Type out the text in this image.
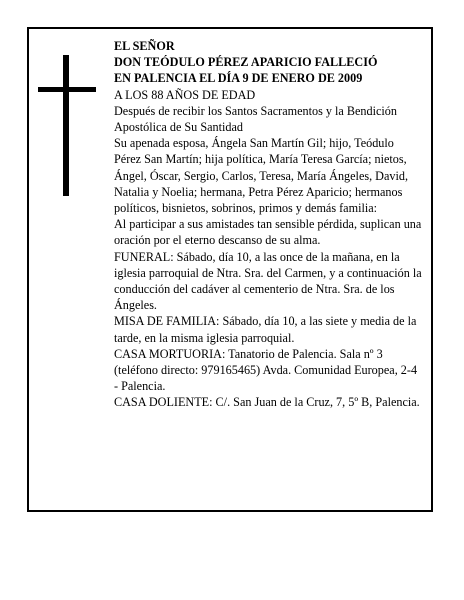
EL SEÑOR

DON TEÓDULO PÉREZ APARICIO FALLECIÓ

EN PALENCIA EL DÍA 9 DE ENERO DE 2009

A LOS 88 AÑOS DE EDAD

Después de recibir los Santos Sacramentos y la Bendición Apostólica de Su Santidad

Su apenada esposa, Ángela San Martín Gil; hijo, Teódulo Pérez San Martín; hija política, María Teresa García; nietos, Ángel, Óscar, Sergio, Carlos, Teresa, María Ángeles, David, Natalia y Noelia; hermana, Petra Pérez Aparicio; hermanos políticos, bisnietos, sobrinos, primos y demás familia:

Al participar a sus amistades tan sensible pérdida, suplican una oración por el eterno descanso de su alma.

FUNERAL: Sábado, día 10, a las once de la mañana, en la iglesia parroquial de Ntra. Sra. del Carmen, y a continuación la conducción del cadáver al cementerio de Ntra. Sra. de los Ángeles.

MISA DE FAMILIA: Sábado, día 10, a las siete y media de la tarde, en la misma iglesia parroquial.

CASA MORTUORIA: Tanatorio de Palencia. Sala nº 3 (teléfono directo: 979165465) Avda. Comunidad Europea, 2-4 - Palencia.

CASA DOLIENTE: C/. San Juan de la Cruz, 7, 5º B, Palencia.
